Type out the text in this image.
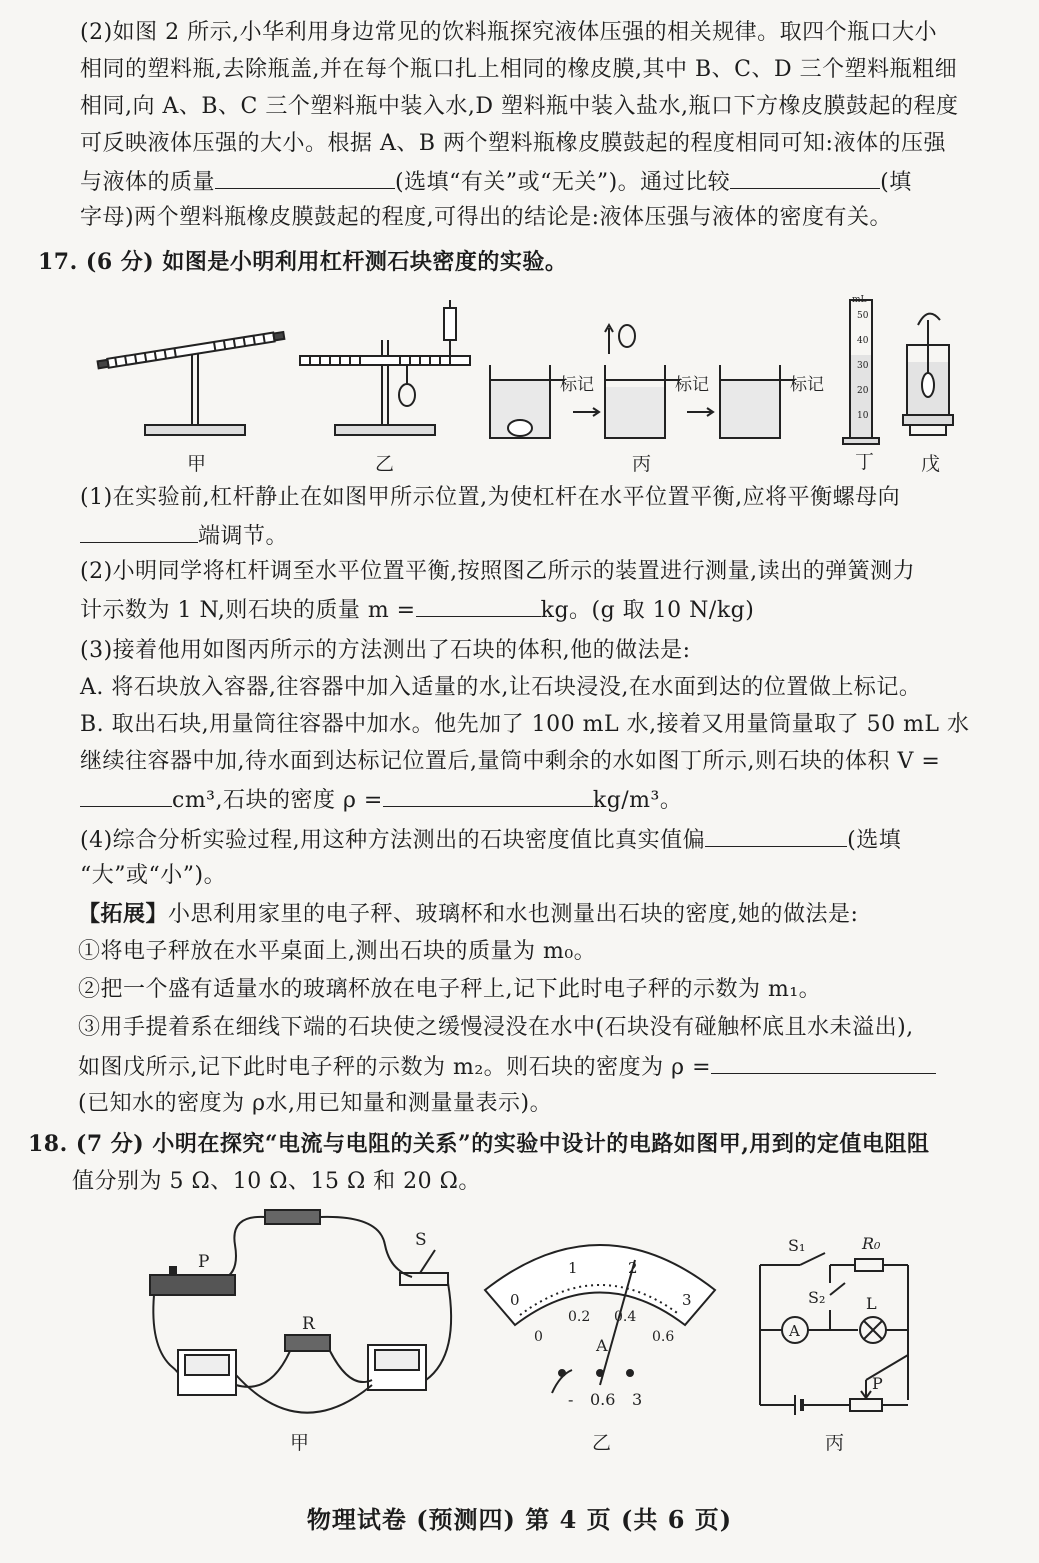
(2)如图 2 所示,小华利用身边常见的饮料瓶探究液体压强的相关规律。取四个瓶口大小
相同的塑料瓶,去除瓶盖,并在每个瓶口扎上相同的橡皮膜,其中 B、C、D 三个塑料瓶粗细
相同,向 A、B、C 三个塑料瓶中装入水,D 塑料瓶中装入盐水,瓶口下方橡皮膜鼓起的程度
可反映液体压强的大小。根据 A、B 两个塑料瓶橡皮膜鼓起的程度相同可知:液体的压强
与液体的质量	(选填“有关”或“无关”)。通过比较	(填
字母)两个塑料瓶橡皮膜鼓起的程度,可得出的结论是:液体压强与液体的密度有关。
17. (6 分) 如图是小明利用杠杆测石块密度的实验。
标记	标记	标记
mL
50
40
30
20
10
甲	乙	丙	丁 戊
(1)在实验前,杠杆静止在如图甲所示位置,为使杠杆在水平位置平衡,应将平衡螺母向
端调节。
(2)小明同学将杠杆调至水平位置平衡,按照图乙所示的装置进行测量,读出的弹簧测力
计示数为 1 N,则石块的质量 m =	kg。(g 取 10 N/kg)
(3)接着他用如图丙所示的方法测出了石块的体积,他的做法是:
A. 将石块放入容器,往容器中加入适量的水,让石块浸没,在水面到达的位置做上标记。
B. 取出石块,用量筒往容器中加水。他先加了 100 mL 水,接着又用量筒量取了 50 mL 水
继续往容器中加,待水面到达标记位置后,量筒中剩余的水如图丁所示,则石块的体积 V =
cm³,石块的密度 ρ =	kg/m³。
(4)综合分析实验过程,用这种方法测出的石块密度值比真实值偏	(选填
“大”或“小”)。
【拓展】小思利用家里的电子秤、玻璃杯和水也测量出石块的密度,她的做法是:
①将电子秤放在水平桌面上,测出石块的质量为 m₀。
②把一个盛有适量水的玻璃杯放在电子秤上,记下此时电子秤的示数为 m₁。
③用手提着系在细线下端的石块使之缓慢浸没在水中(石块没有碰触杯底且水未溢出),
如图戊所示,记下此时电子秤的示数为 m₂。则石块的密度为 ρ =
(已知水的密度为 ρ水,用已知量和测量量表示)。
18. (7 分) 小明在探究“电流与电阻的关系”的实验中设计的电路如图甲,用到的定值电阻阻
值分别为 5 Ω、10 Ω、15 Ω 和 20 Ω。
P
S
R
0
1	2
3
0
0.2 0.4
0.6
A
- 0.6 3
S₁	R₀
S₂	L
A
P
甲	乙	丙
物理试卷 (预测四) 第 4 页 (共 6 页)
